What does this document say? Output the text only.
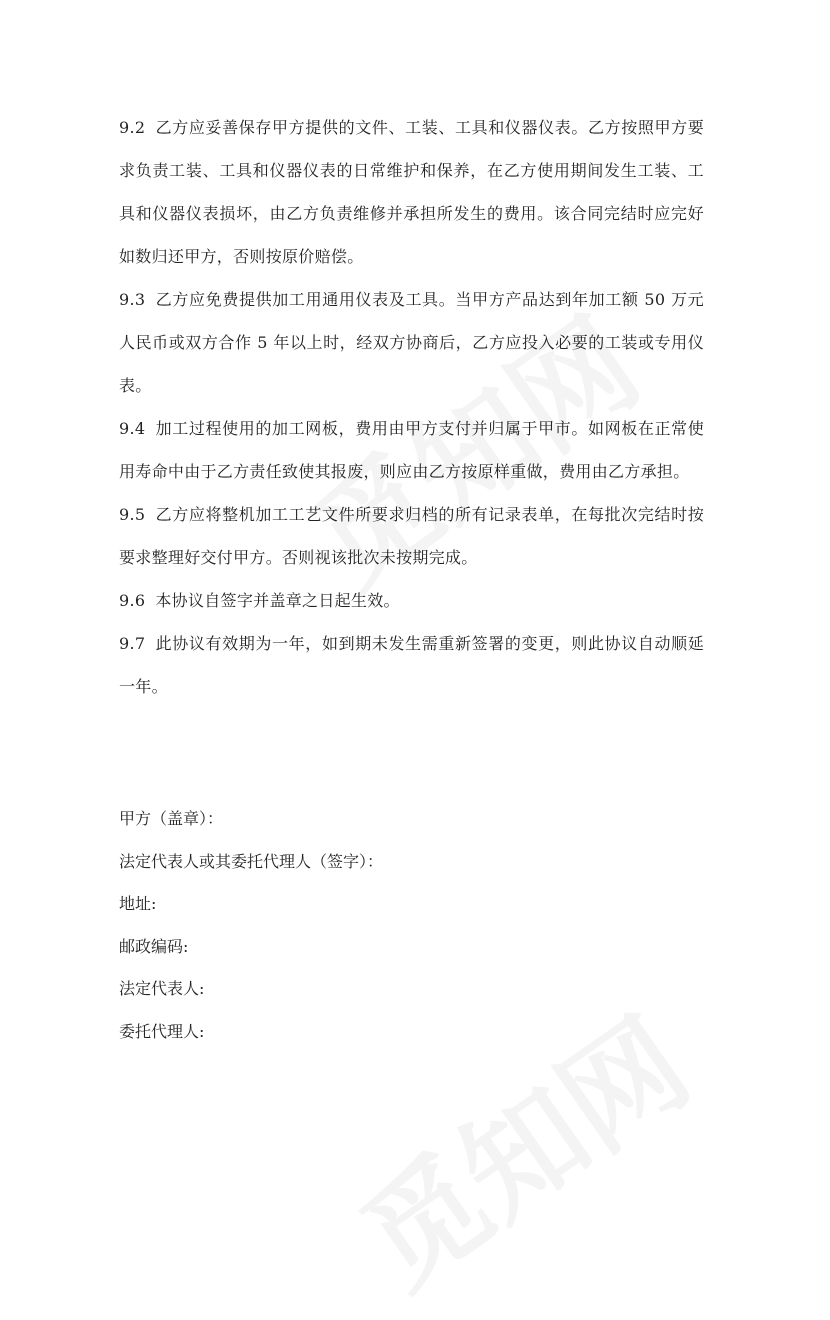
9.2 乙方应妥善保存甲方提供的文件、工装、工具和仪器仪表。乙方按照甲方要求负责工装、工具和仪器仪表的日常维护和保养，在乙方使用期间发生工装、工具和仪器仪表损坏，由乙方负责维修并承担所发生的费用。该合同完结时应完好如数归还甲方，否则按原价赔偿。

9.3 乙方应免费提供加工用通用仪表及工具。当甲方产品达到年加工额 50 万元人民币或双方合作 5 年以上时，经双方协商后，乙方应投入必要的工装或专用仪表。

9.4 加工过程使用的加工网板，费用由甲方支付并归属于甲市。如网板在正常使用寿命中由于乙方责任致使其报废，则应由乙方按原样重做，费用由乙方承担。

9.5 乙方应将整机加工工艺文件所要求归档的所有记录表单，在每批次完结时按要求整理好交付甲方。否则视该批次未按期完成。

9.6 本协议自签字并盖章之日起生效。

9.7 此协议有效期为一年，如到期未发生需重新签署的变更，则此协议自动顺延一年。

甲方（盖章）：

法定代表人或其委托代理人（签字）：

地址:

邮政编码:

法定代表人:

委托代理人:
